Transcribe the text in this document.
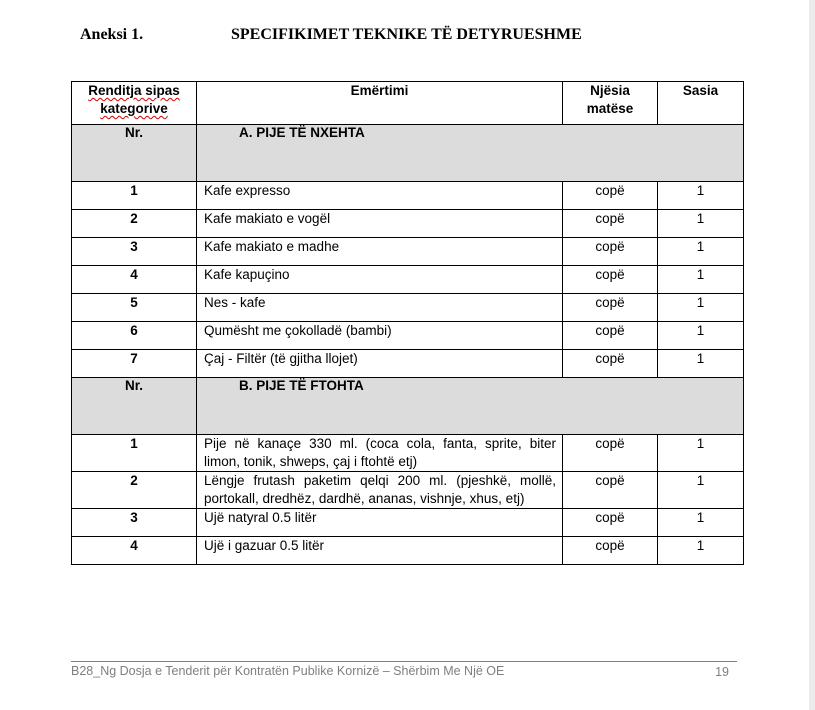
Aneksi 1.	SPECIFIKIMET TEKNIKE TË DETYRUESHME
Renditja sipas kategorive	Emërtimi	Njësia matëse	Sasia
Nr.	A. PIJE TË NXEHTA		
1	Kafe expresso	copë	1
2	Kafe makiato e vogël	copë	1
3	Kafe makiato e madhe	copë	1
4	Kafe kapuçino	copë	1
5	Nes - kafe	copë	1
6	Qumësht me çokolladë (bambi)	copë	1
7	Çaj - Filtër (të gjitha llojet)	copë	1
Nr.	B. PIJE TË FTOHTA		
1	Pije në kanaçe 330 ml. (coca cola, fanta, sprite, biter limon, tonik, shweps, çaj i ftohtë etj)	copë	1
2	Lëngje frutash paketim qelqi 200 ml. (pjeshkë, mollë, portokall, dredhëz, dardhë, ananas, vishnje, xhus, etj)	copë	1
3	Ujë natyral 0.5 litër	copë	1
4	Ujë i gazuar 0.5 litër	copë	1
B28_Ng Dosja e Tenderit për Kontratën Publike Kornizë – Shërbim Me Një OE	19
